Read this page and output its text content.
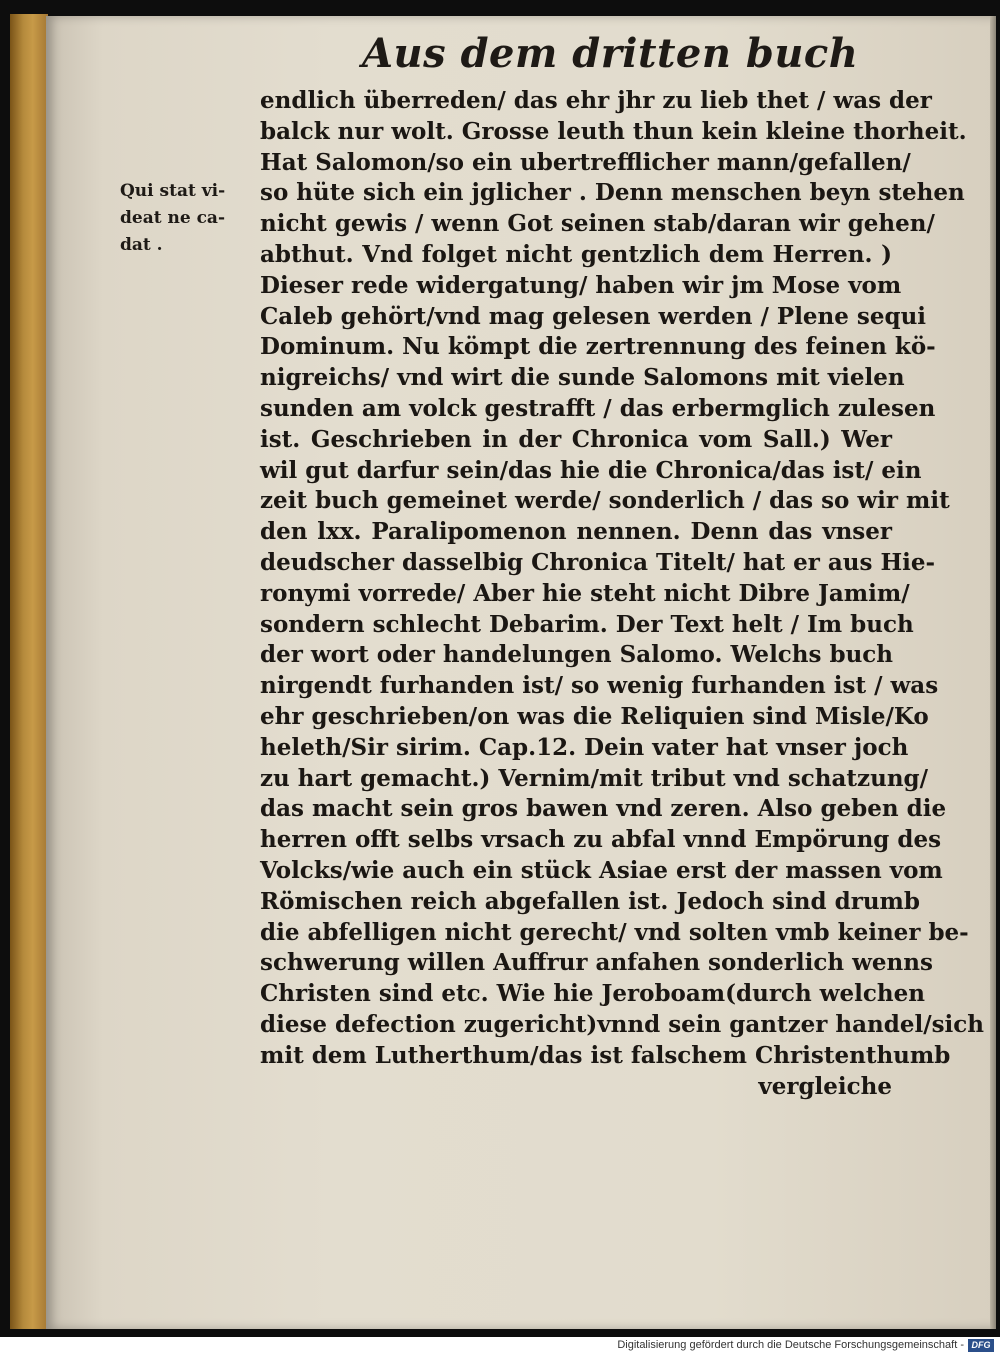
Aus dem dritten buch
Qui stat vi-
deat ne ca-
dat .
endlich überreden/ das ehr jhr zu lieb thet / was der
balck nur wolt. Grosse leuth thun kein kleine thorheit.
Hat Salomon/so ein ubertrefflicher mann/gefallen/
so hüte sich ein jglicher . Denn menschen beyn stehen
nicht gewis / wenn Got seinen stab/daran wir gehen/
abthut. Vnd folget nicht gentzlich dem Herren. )
Dieser rede widergatung/ haben wir jm Mose vom
Caleb gehört/vnd mag gelesen werden / Plene sequi
Dominum. Nu kömpt die zertrennung des feinen kö-
nigreichs/ vnd wirt die sunde Salomons mit vielen
sunden am volck gestrafft / das erbermglich zulesen
ist. Geschrieben in der Chronica vom Sall.) Wer
wil gut darfur sein/das hie die Chronica/das ist/ ein
zeit buch gemeinet werde/ sonderlich / das so wir mit
den lxx. Paralipomenon nennen. Denn das vnser
deudscher dasselbig Chronica Titelt/ hat er aus Hie-
ronymi vorrede/ Aber hie steht nicht Dibre Jamim/
sondern schlecht Debarim. Der Text helt / Im buch
der wort oder handelungen Salomo. Welchs buch
nirgendt furhanden ist/ so wenig furhanden ist / was
ehr geschrieben/on was die Reliquien sind Misle/Ko
heleth/Sir sirim. Cap.12. Dein vater hat vnser joch
zu hart gemacht.) Vernim/mit tribut vnd schatzung/
das macht sein gros bawen vnd zeren. Also geben die
herren offt selbs vrsach zu abfal vnnd Empörung des
Volcks/wie auch ein stück Asiae erst der massen vom
Römischen reich abgefallen ist. Jedoch sind drumb
die abfelligen nicht gerecht/ vnd solten vmb keiner be-
schwerung willen Auffrur anfahen sonderlich wenns
Christen sind etc. Wie hie Jeroboam(durch welchen
diese defection zugericht)vnnd sein gantzer handel/sich
mit dem Lutherthum/das ist falschem Christenthumb
vergleiche
Digitalisierung gefördert durch die Deutsche Forschungsgemeinschaft - DFG
